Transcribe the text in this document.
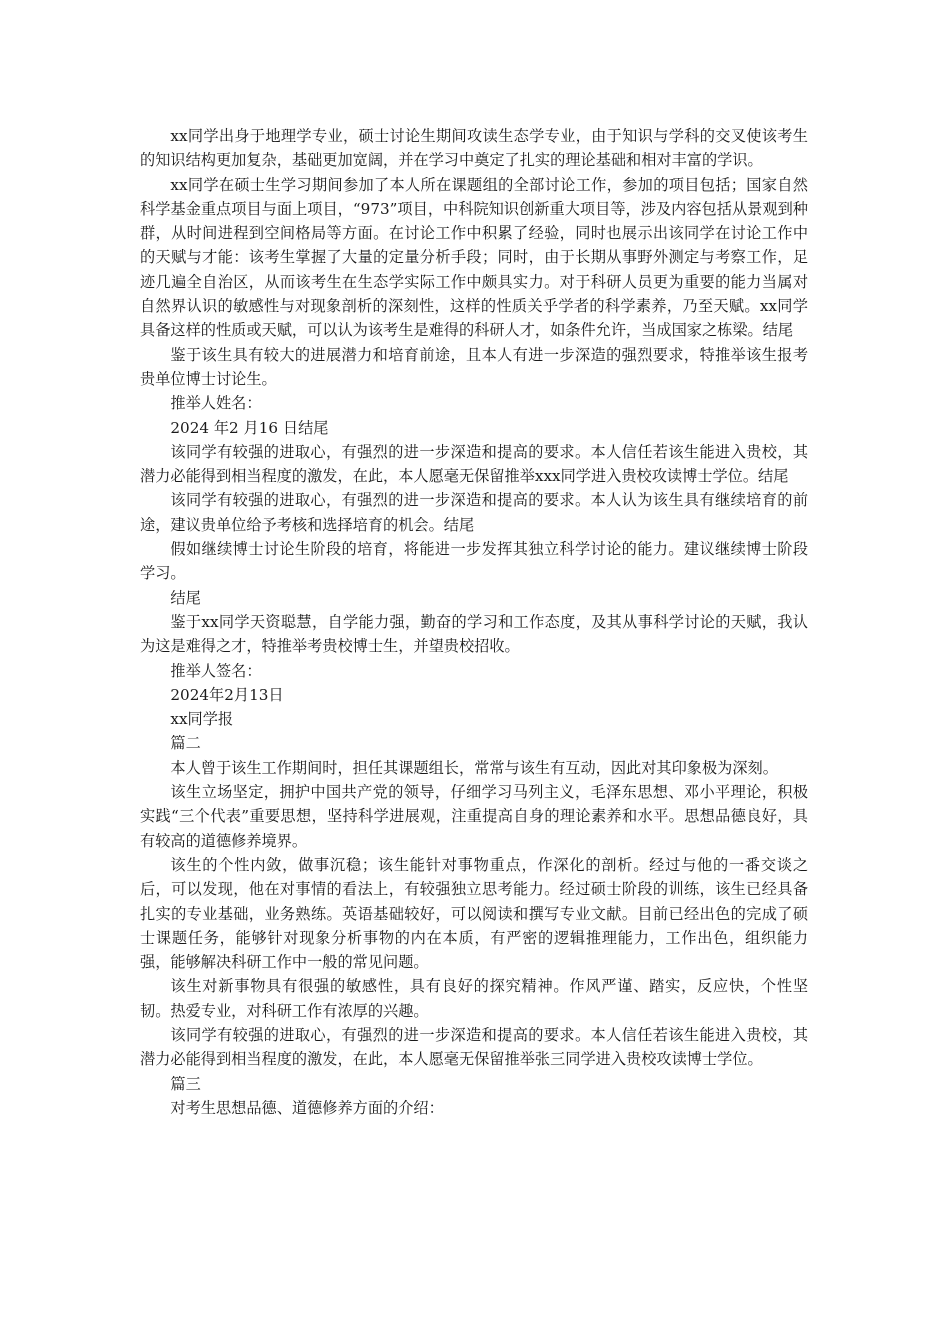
xx同学出身于地理学专业，硕士讨论生期间攻读生态学专业，由于知识与学科的交叉使该考生的知识结构更加复杂，基础更加宽阔，并在学习中奠定了扎实的理论基础和相对丰富的学识。

xx同学在硕士生学习期间参加了本人所在课题组的全部讨论工作，参加的项目包括；国家自然科学基金重点项目与面上项目，“973”项目，中科院知识创新重大项目等，涉及内容包括从景观到种群，从时间进程到空间格局等方面。在讨论工作中积累了经验，同时也展示出该同学在讨论工作中的天赋与才能：该考生掌握了大量的定量分析手段；同时，由于长期从事野外测定与考察工作，足迹几遍全自治区，从而该考生在生态学实际工作中颇具实力。对于科研人员更为重要的能力当属对自然界认识的敏感性与对现象剖析的深刻性，这样的性质关乎学者的科学素养，乃至天赋。xx同学具备这样的性质或天赋，可以认为该考生是难得的科研人才，如条件允许，当成国家之栋梁。结尾

鉴于该生具有较大的进展潜力和培育前途，且本人有进一步深造的强烈要求，特推举该生报考贵单位博士讨论生。

推举人姓名：

2024 年2 月16 日结尾

该同学有较强的进取心，有强烈的进一步深造和提高的要求。本人信任若该生能进入贵校，其潜力必能得到相当程度的激发，在此，本人愿毫无保留推举xxx同学进入贵校攻读博士学位。结尾

该同学有较强的进取心，有强烈的进一步深造和提高的要求。本人认为该生具有继续培育的前途，建议贵单位给予考核和选择培育的机会。结尾

假如继续博士讨论生阶段的培育，将能进一步发挥其独立科学讨论的能力。建议继续博士阶段学习。

结尾

鉴于xx同学天资聪慧，自学能力强，勤奋的学习和工作态度，及其从事科学讨论的天赋，我认为这是难得之才，特推举考贵校博士生，并望贵校招收。

推举人签名：

2024年2月13日

xx同学报

篇二

本人曾于该生工作期间时，担任其课题组长，常常与该生有互动，因此对其印象极为深刻。

该生立场坚定，拥护中国共产党的领导，仔细学习马列主义，毛泽东思想、邓小平理论，积极实践“三个代表”重要思想，坚持科学进展观，注重提高自身的理论素养和水平。思想品德良好，具有较高的道德修养境界。

该生的个性内敛，做事沉稳；该生能针对事物重点，作深化的剖析。经过与他的一番交谈之后，可以发现，他在对事情的看法上，有较强独立思考能力。经过硕士阶段的训练，该生已经具备扎实的专业基础，业务熟练。英语基础较好，可以阅读和撰写专业文献。目前已经出色的完成了硕士课题任务，能够针对现象分析事物的内在本质，有严密的逻辑推理能力，工作出色，组织能力强，能够解决科研工作中一般的常见问题。

该生对新事物具有很强的敏感性，具有良好的探究精神。作风严谨、踏实，反应快，个性坚韧。热爱专业，对科研工作有浓厚的兴趣。

该同学有较强的进取心，有强烈的进一步深造和提高的要求。本人信任若该生能进入贵校，其潜力必能得到相当程度的激发，在此，本人愿毫无保留推举张三同学进入贵校攻读博士学位。

篇三

对考生思想品德、道德修养方面的介绍：
